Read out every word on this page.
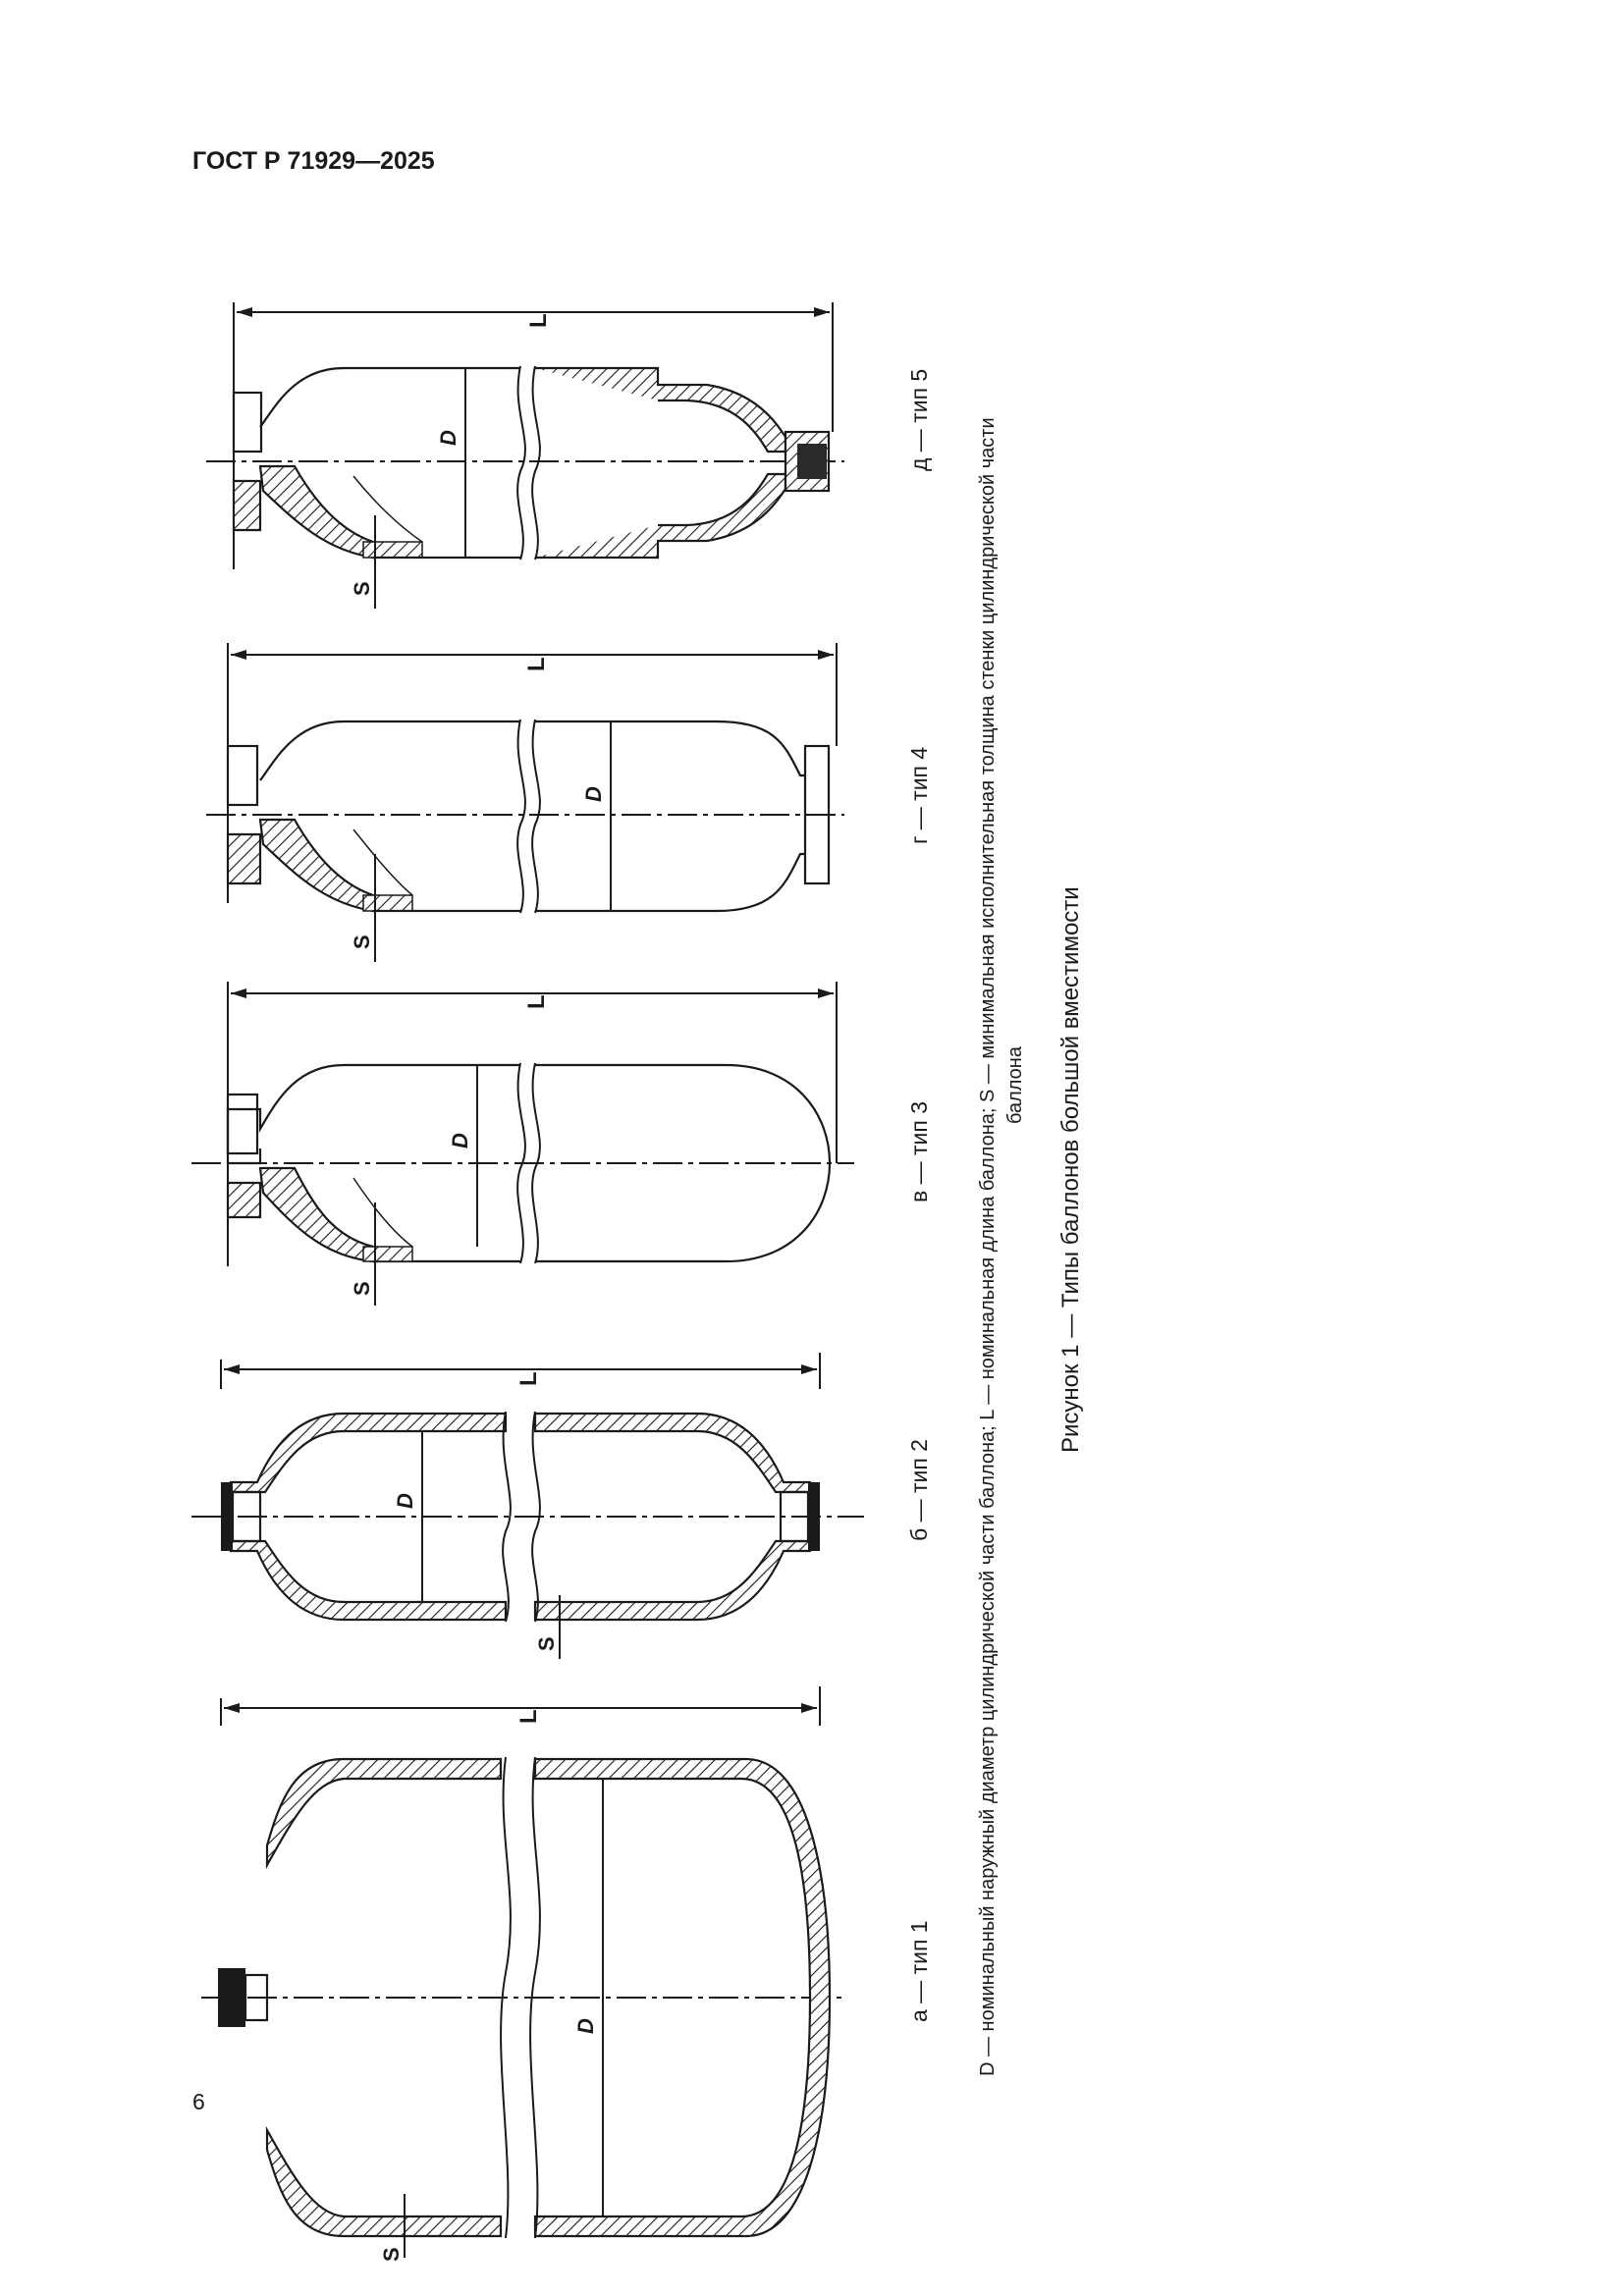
ГОСТ Р 71929—2025
L
D
S
а — тип 1
L
D
S
б — тип 2
L
D
S
в — тип 3
L
D
S
г — тип 4
L
D
S
д — тип 5 D — номинальный наружный диаметр цилиндрической части баллона; L — номинальная длина баллона; S — минимальная исполнительная толщина стенки цилиндрической части баллона Рисунок 1 — Типы баллонов большой вместимости
6
